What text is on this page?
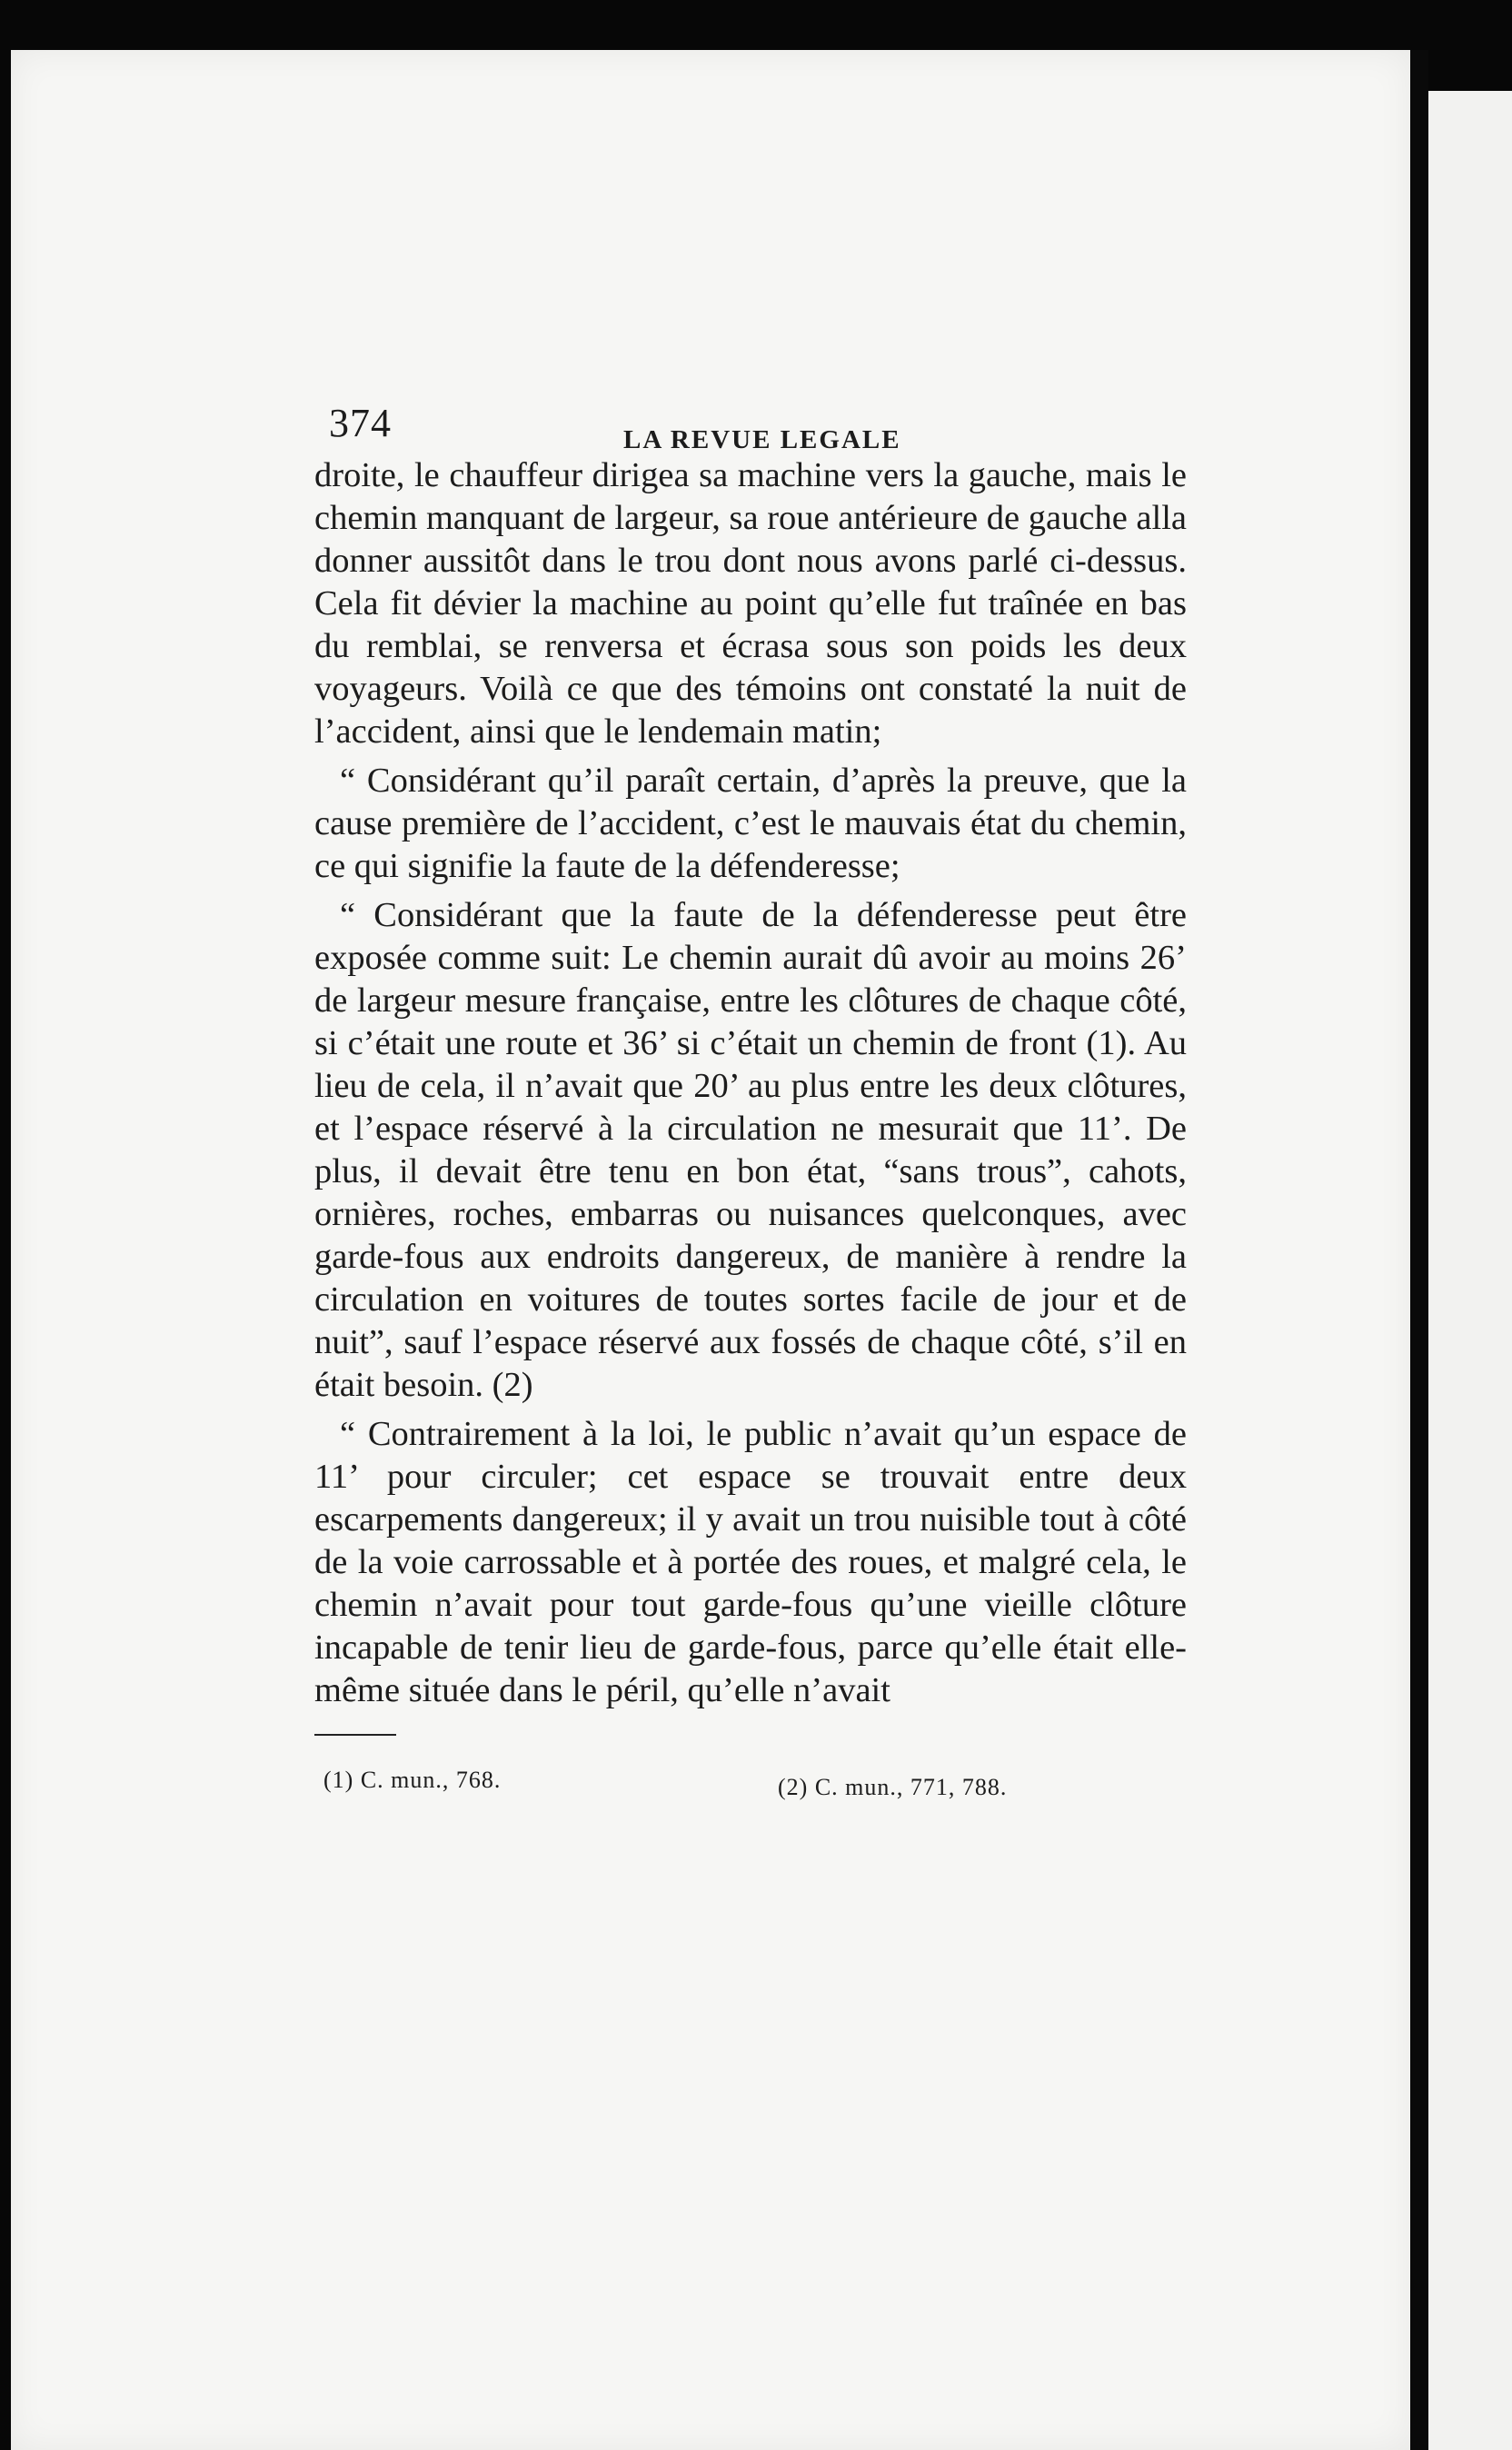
374	LA REVUE LEGALE

droite, le chauffeur dirigea sa machine vers la gauche, mais le chemin manquant de largeur, sa roue antérieure de gauche alla donner aussitôt dans le trou dont nous avons parlé ci-dessus. Cela fit dévier la machine au point qu’elle fut traînée en bas du remblai, se renversa et écrasa sous son poids les deux voyageurs. Voilà ce que des témoins ont constaté la nuit de l’accident, ainsi que le lendemain matin;

“ Considérant qu’il paraît certain, d’après la preuve, que la cause première de l’accident, c’est le mauvais état du chemin, ce qui signifie la faute de la défenderesse;

“ Considérant que la faute de la défenderesse peut être exposée comme suit: Le chemin aurait dû avoir au moins 26’ de largeur mesure française, entre les clôtures de chaque côté, si c’était une route et 36’ si c’était un chemin de front (1). Au lieu de cela, il n’avait que 20’ au plus entre les deux clôtures, et l’espace réservé à la circulation ne mesurait que 11’. De plus, il devait être tenu en bon état, “sans trous”, cahots, ornières, roches, embarras ou nuisances quelconques, avec garde-fous aux endroits dangereux, de manière à rendre la circulation en voitures de toutes sortes facile de jour et de nuit”, sauf l’espace réservé aux fossés de chaque côté, s’il en était besoin. (2)

“ Contrairement à la loi, le public n’avait qu’un espace de 11’ pour circuler; cet espace se trouvait entre deux escarpements dangereux; il y avait un trou nuisible tout à côté de la voie carrossable et à portée des roues, et malgré cela, le chemin n’avait pour tout garde-fous qu’une vieille clôture incapable de tenir lieu de garde-fous, parce qu’elle était elle-même située dans le péril, qu’elle n’avait

(1) C. mun., 768.	(2) C. mun., 771, 788.
